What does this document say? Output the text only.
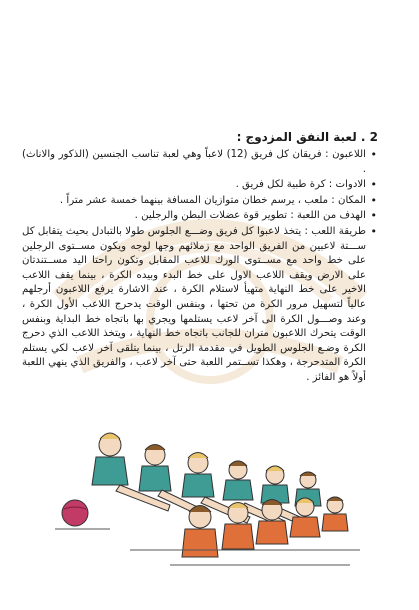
2 . لعبة النفق المزدوج :

• اللاعبون : فريقان كل فريق (12) لاعباً وهي لعبة تناسب الجنسين (الذكور والاناث) .
• الادوات : كرة طبية لكل فريق .
• المكان : ملعب ، يرسم خطان متوازيان المسافة بينهما خمسة عشر متراً .
• الهدف من اللعبة : تطوير قوة عضلات البطن والرجلين .
• طريقة اللعب : يتخذ لاعبوا كل فريق وضـــع الجلوس طولا بالتبادل بحيث يتقابل كل ســـتة لاعبين من الفريق الواحد مع زملائهم وجها لوجه ويكون مســتوى الرجلين على خط واحد مع مســتوى الورك للاعب المقابل وتكون راحتا اليد مســتندتان على الارض ويقف اللاعب الاول على خط البدء وبيده الكرة ، بينما يقف اللاعب الاخير على خط النهاية متهيأ لاستلام الكرة ، عند الاشارة يرفع اللاعبون أرجلهم عالياً لتسهيل مرور الكرة من تحتها ، وبنفس الوقت يدحرج اللاعب الأول الكرة ، وعند وصـــول الكرة الى آخر لاعب يستلمها ويجري بها باتجاه خط البداية وبنفس الوقت يتحرك اللاعبون متران للجانب باتجاه خط النهاية ، ويتخذ اللاعب الذي دحرج الكرة وضـع الجلوس الطويل في مقدمة الرتل ، بينما يتلقى آخر لاعب لكي يستلم الكرة المتدحرجة ، وهكذا تســتمر اللعبة حتى آخر لاعب ، والفريق الذي ينهي اللعبة أولاً هو الفائز .
